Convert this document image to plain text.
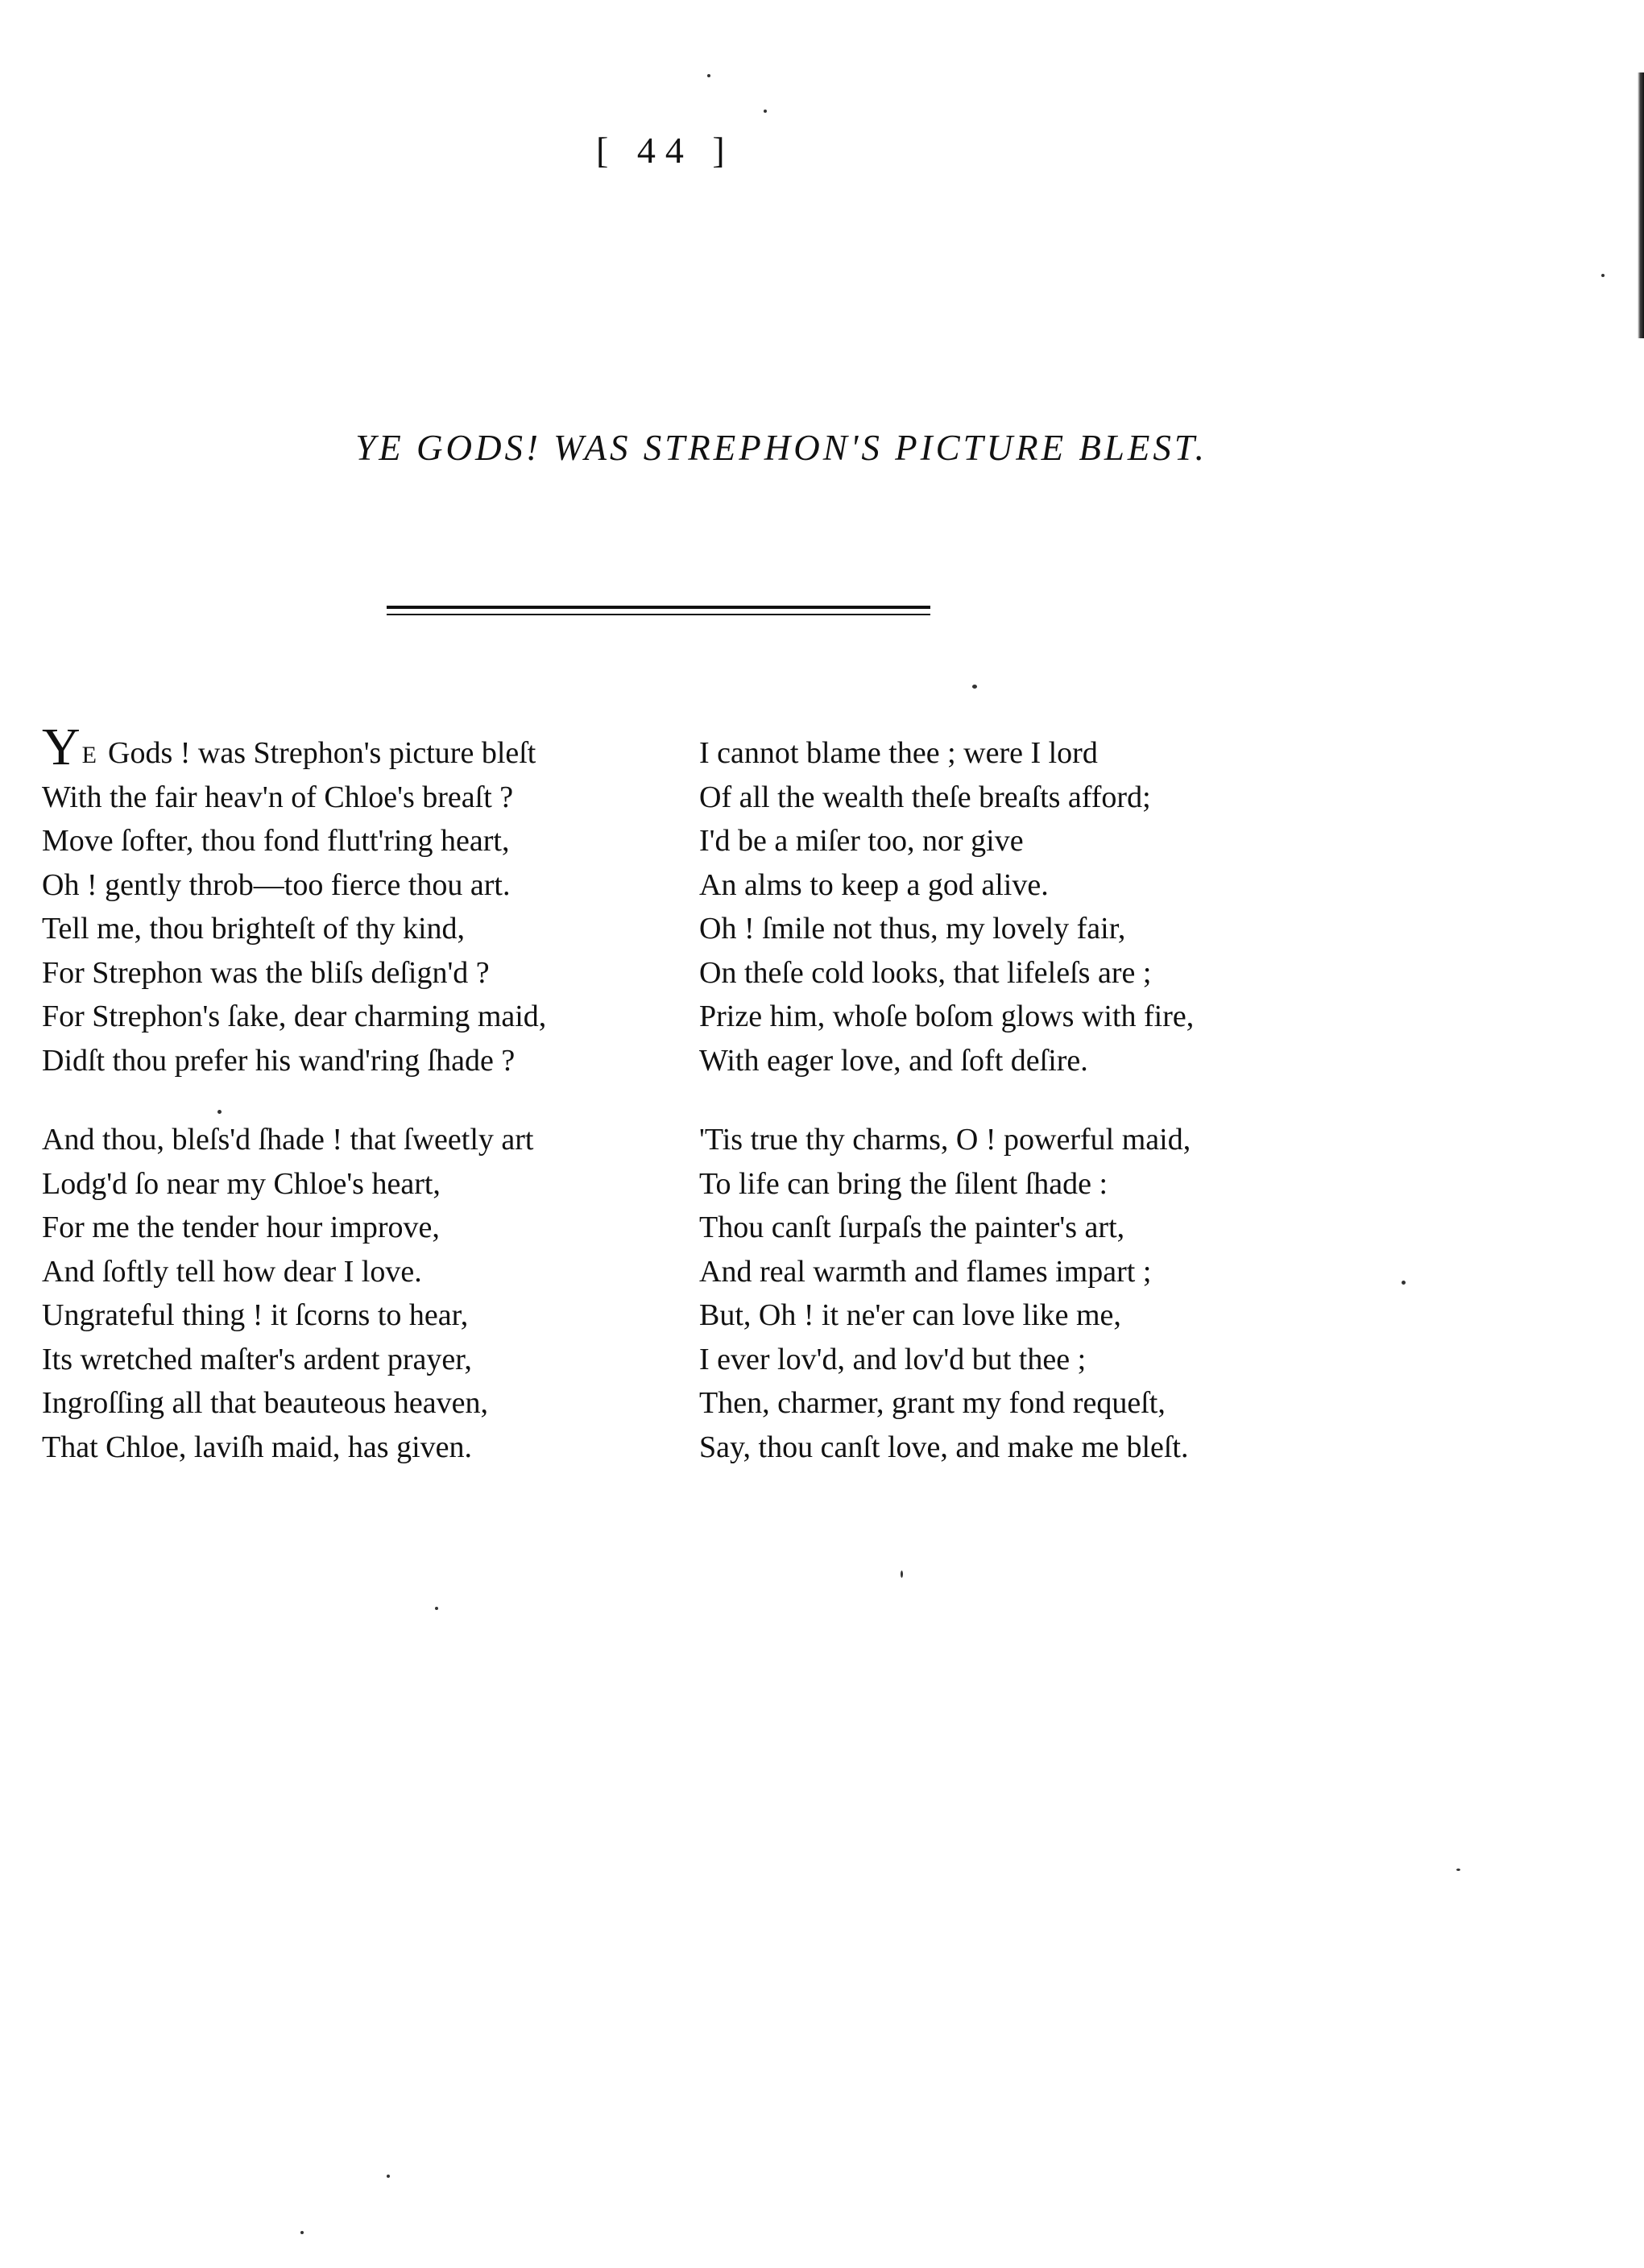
[ 44 ]
YE GODS! WAS STREPHON'S PICTURE BLEST.
YE Gods ! was Strephon's picture bleſt
With the fair heav'n of Chloe's breaſt ?
Move ſofter, thou fond flutt'ring heart,
Oh ! gently throb—too fierce thou art.
Tell me, thou brighteſt of thy kind,
For Strephon was the bliſs deſign'd ?
For Strephon's ſake, dear charming maid,
Didſt thou prefer his wand'ring ſhade ?
And thou, bleſs'd ſhade ! that ſweetly art
Lodg'd ſo near my Chloe's heart,
For me the tender hour improve,
And ſoftly tell how dear I love.
Ungrateful thing ! it ſcorns to hear,
Its wretched maſter's ardent prayer,
Ingroſſing all that beauteous heaven,
That Chloe, laviſh maid, has given.
I cannot blame thee ; were I lord
Of all the wealth theſe breaſts afford;
I'd be a miſer too, nor give
An alms to keep a god alive.
Oh ! ſmile not thus, my lovely fair,
On theſe cold looks, that lifeleſs are ;
Prize him, whoſe boſom glows with fire,
With eager love, and ſoft deſire.
'Tis true thy charms, O ! powerful maid,
To life can bring the ſilent ſhade :
Thou canſt ſurpaſs the painter's art,
And real warmth and flames impart ;
But, Oh ! it ne'er can love like me,
I ever lov'd, and lov'd but thee ;
Then, charmer, grant my fond requeſt,
Say, thou canſt love, and make me bleſt.
